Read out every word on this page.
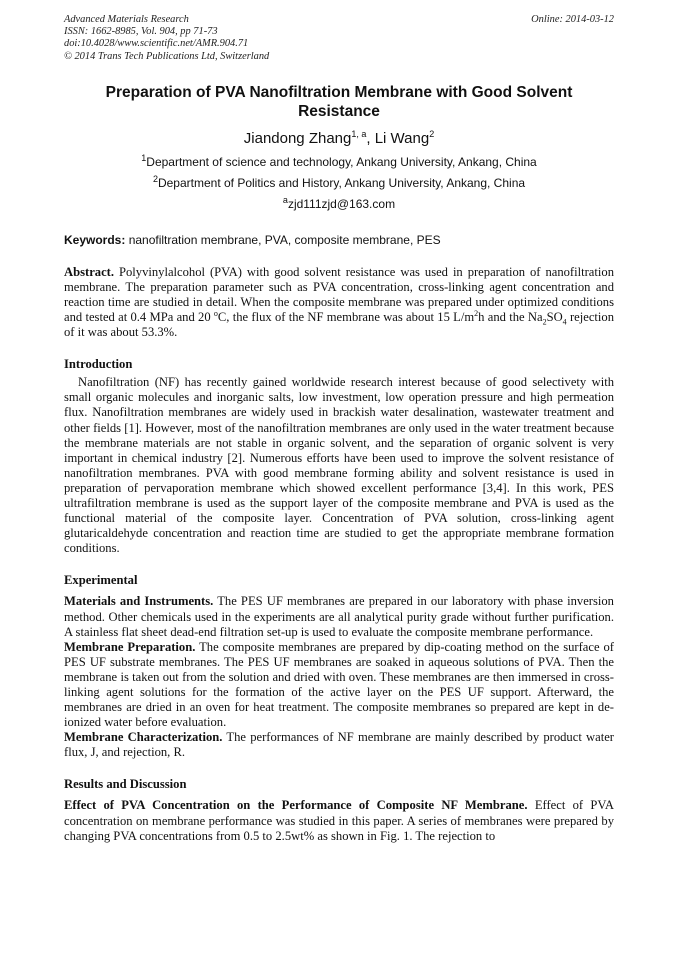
Advanced Materials Research
ISSN: 1662-8985, Vol. 904, pp 71-73
doi:10.4028/www.scientific.net/AMR.904.71
© 2014 Trans Tech Publications Ltd, Switzerland
Online: 2014-03-12
Preparation of PVA Nanofiltration Membrane with Good Solvent Resistance
Jiandong Zhang$^{1, a}$, Li Wang$^2$
$^1$Department of science and technology, Ankang University, Ankang, China
$^2$Department of Politics and History, Ankang University, Ankang, China
$^a$zjd111zjd@163.com
Keywords: nanofiltration membrane, PVA, composite membrane, PES

Abstract. Polyvinylalcohol (PVA) with good solvent resistance was used in preparation of nanofiltration membrane. The preparation parameter such as PVA concentration, cross-linking agent concentration and reaction time are studied in detail. When the composite membrane was prepared under optimized conditions and tested at 0.4 MPa and 20 $^o$C, the flux of the NF membrane was about 15 $L/m^2h$ and the $Na_2SO_4$ rejection of it was about 53.3%.

Introduction

Nanofiltration (NF) has recently gained worldwide research interest because of good selectivety with small organic molecules and inorganic salts, low investment, low operation pressure and high permeation flux. Nanofiltration membranes are widely used in brackish water desalination, wastewater treatment and other fields [1]. However, most of the nanofiltration membranes are only used in the water treatment because the membrane materials are not stable in organic solvent, and the separation of organic solvent is very important in chemical industry [2]. Numerous efforts have been used to improve the solvent resistance of nanofiltration membranes. PVA with good membrane forming ability and solvent resistance is used in preparation of pervaporation membrane which showed excellent performance [3,4]. In this work, PES ultrafiltration membrane is used as the support layer of the composite membrane and PVA is used as the functional material of the composite layer. Concentration of PVA solution, cross-linking agent glutaricaldehyde concentration and reaction time are studied to get the appropriate membrane formation conditions.

Experimental

Materials and Instruments. The PES UF membranes are prepared in our laboratory with phase inversion method. Other chemicals used in the experiments are all analytical purity grade without further purification. A stainless flat sheet dead-end filtration set-up is used to evaluate the composite membrane performance.

Membrane Preparation. The composite membranes are prepared by dip-coating method on the surface of PES UF substrate membranes. The PES UF membranes are soaked in aqueous solutions of PVA. Then the membrane is taken out from the solution and dried with oven. These membranes are then immersed in cross-linking agent solutions for the formation of the active layer on the PES UF support. Afterward, the membranes are dried in an oven for heat treatment. The composite membranes so prepared are kept in de-ionized water before evaluation.

Membrane Characterization. The performances of NF membrane are mainly described by product water flux, J, and rejection, R.

Results and Discussion

Effect of PVA Concentration on the Performance of Composite NF Membrane. Effect of PVA concentration on membrane performance was studied in this paper. A series of membranes were prepared by changing PVA concentrations from 0.5 to 2.5wt% as shown in Fig. 1. The rejection to
